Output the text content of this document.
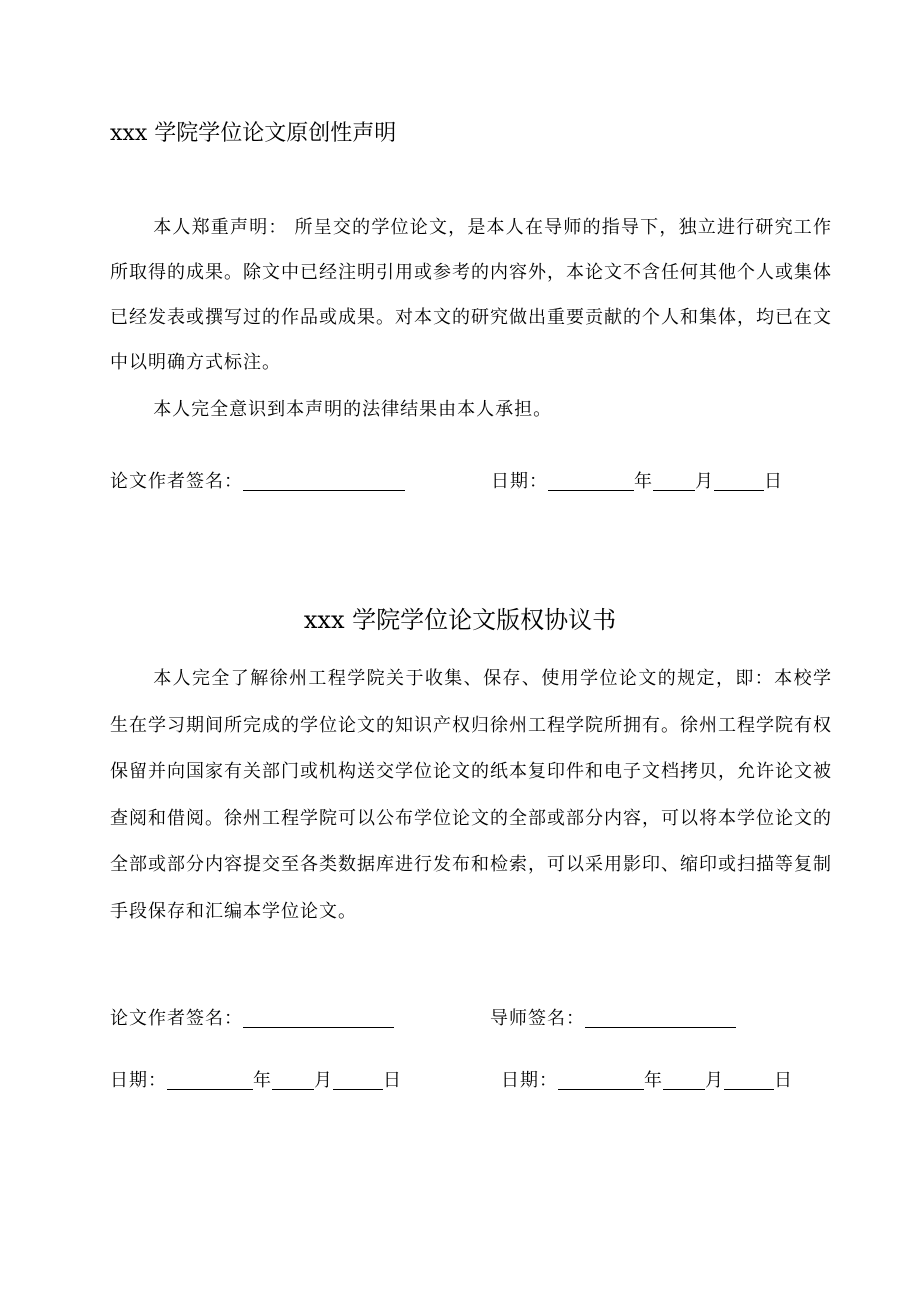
xxx 学院学位论文原创性声明

本人郑重声明： 所呈交的学位论文，是本人在导师的指导下，独立进行研究工作所取得的成果。除文中已经注明引用或参考的内容外，本论文不含任何其他个人或集体已经发表或撰写过的作品或成果。对本文的研究做出重要贡献的个人和集体，均已在文中以明确方式标注。

本人完全意识到本声明的法律结果由本人承担。

论文作者签名：	日期：	年 月	日
xxx 学院学位论文版权协议书

本人完全了解徐州工程学院关于收集、保存、使用学位论文的规定，即：本校学生在学习期间所完成的学位论文的知识产权归徐州工程学院所拥有。徐州工程学院有权保留并向国家有关部门或机构送交学位论文的纸本复印件和电子文档拷贝，允许论文被查阅和借阅。徐州工程学院可以公布学位论文的全部或部分内容，可以将本学位论文的全部或部分内容提交至各类数据库进行发布和检索，可以采用影印、缩印或扫描等复制手段保存和汇编本学位论文。

论文作者签名：	导师签名：
日期：	年 月	日	日期：	年 月	日
